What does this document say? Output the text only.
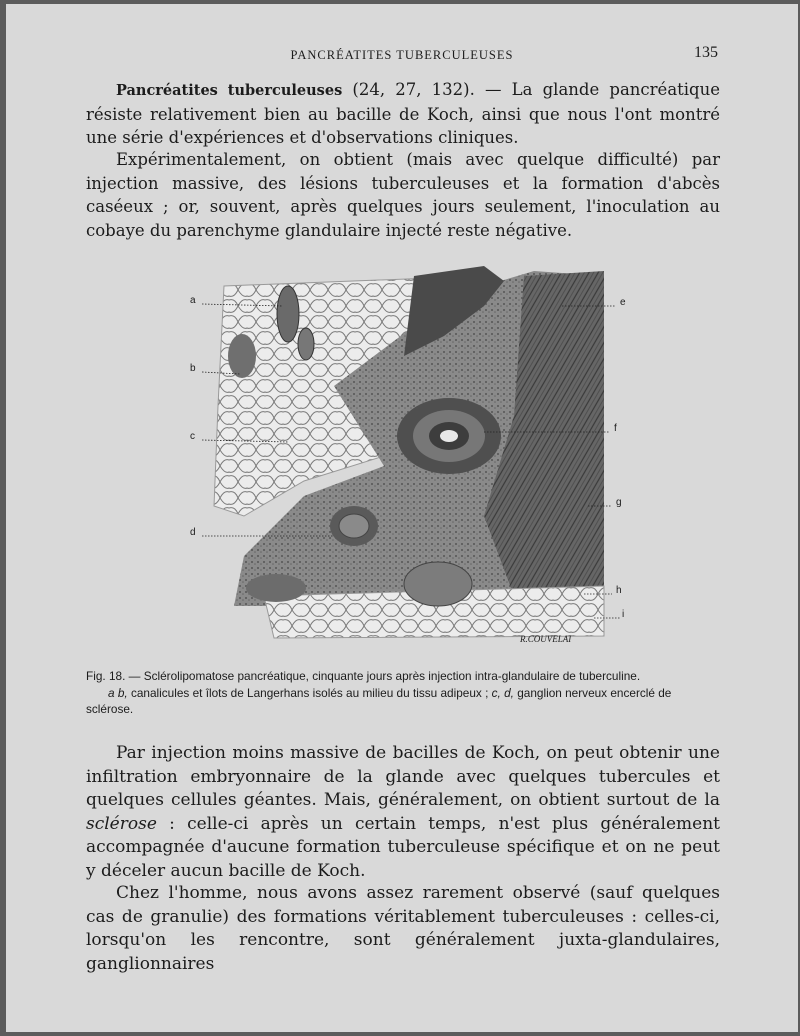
PANCRÉATITES TUBERCULEUSES	135

Pancréatites tuberculeuses (24, 27, 132). — La glande pancréatique résiste relativement bien au bacille de Koch, ainsi que nous l'ont montré une série d'expériences et d'observations cliniques.

Expérimentalement, on obtient (mais avec quelque difficulté) par injection massive, des lésions tuberculeuses et la formation d'abcès caséeux ; or, souvent, après quelques jours seulement, l'inoculation au cobaye du parenchyme glandulaire injecté reste négative.

a
b
c
d
e
f
g
h
i
R.COUVELAI
Fig. 18. — Sclérolipomatose pancréatique, cinquante jours après injection intra-glandulaire de tuberculine.
a b, canalicules et îlots de Langerhans isolés au milieu du tissu adipeux ; c, d, ganglion nerveux encerclé de sclérose.

Par injection moins massive de bacilles de Koch, on peut obtenir une infiltration embryonnaire de la glande avec quelques tubercules et quelques cellules géantes. Mais, généralement, on obtient surtout de la sclérose : celle-ci après un certain temps, n'est plus généralement accompagnée d'aucune formation tuberculeuse spécifique et on ne peut y déceler aucun bacille de Koch.

Chez l'homme, nous avons assez rarement observé (sauf quelques cas de granulie) des formations véritablement tuberculeuses : celles-ci, lorsqu'on les rencontre, sont généralement juxta-glandulaires, ganglionnaires
